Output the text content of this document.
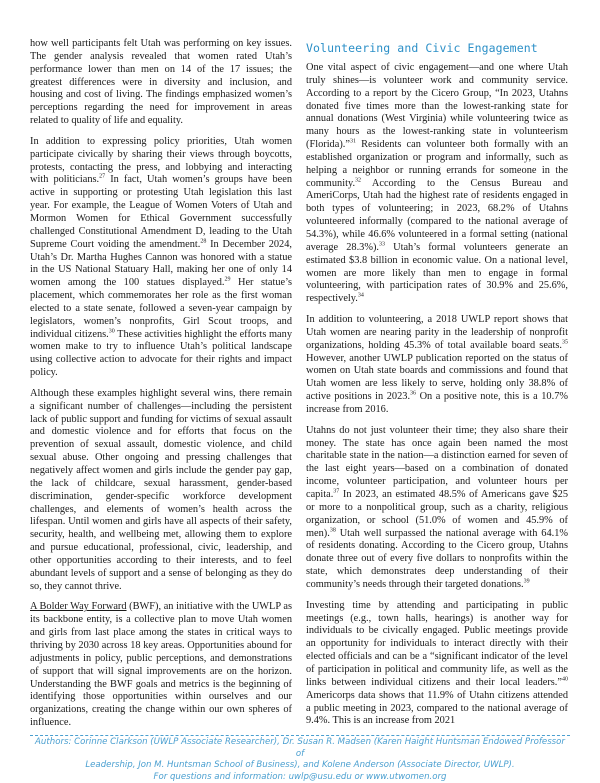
how well participants felt Utah was performing on key issues. The gender analysis revealed that women rated Utah’s performance lower than men on 14 of the 17 issues; the greatest differences were in diversity and inclusion, and housing and cost of living. The findings emphasized women’s perceptions regarding the need for improvement in areas related to quality of life and equality.

In addition to expressing policy priorities, Utah women participate civically by sharing their views through boycotts, protests, contacting the press, and lobbying and interacting with politicians.$^{27}$ In fact, Utah women’s groups have been active in supporting or protesting Utah legislation this last year. For example, the League of Women Voters of Utah and Mormon Women for Ethical Government successfully challenged Constitutional Amendment D, leading to the Utah Supreme Court voiding the amendment.$^{28}$ In December 2024, Utah’s Dr. Martha Hughes Cannon was honored with a statue in the US National Statuary Hall, making her one of only 14 women among the 100 statues displayed.$^{29}$ Her statue’s placement, which commemorates her role as the first woman elected to a state senate, followed a seven-year campaign by legislators, women’s nonprofits, Girl Scout troops, and individual citizens.$^{30}$ These activities highlight the efforts many women make to try to influence Utah’s political landscape using collective action to advocate for their rights and impact policy.

Although these examples highlight several wins, there remain a significant number of challenges—including the persistent lack of public support and funding for victims of sexual assault and domestic violence and for efforts that focus on the prevention of sexual assault, domestic violence, and child sexual abuse. Other ongoing and pressing challenges that negatively affect women and girls include the gender pay gap, the lack of childcare, sexual harassment, gender-based discrimination, gender-specific workforce development challenges, and elements of women’s health across the lifespan. Until women and girls have all aspects of their safety, security, health, and wellbeing met, allowing them to explore and pursue educational, professional, civic, leadership, and other opportunities according to their interests, and to feel abundant levels of support and a sense of belonging as they do so, they cannot thrive.

A Bolder Way Forward (BWF), an initiative with the UWLP as its backbone entity, is a collective plan to move Utah women and girls from last place among the states in critical ways to thriving by 2030 across 18 key areas. Opportunities abound for adjustments in policy, public perceptions, and demonstrations of support that will signal improvements are on the horizon. Understanding the BWF goals and metrics is the beginning of identifying those opportunities within ourselves and our organizations, creating the change within our own spheres of influence.

Volunteering and Civic Engagement

One vital aspect of civic engagement—and one where Utah truly shines—is volunteer work and community service. According to a report by the Cicero Group, “In 2023, Utahns donated five times more than the lowest-ranking state for annual donations (West Virginia) while volunteering twice as many hours as the lowest-ranking state in volunteerism (Florida).”$^{31}$ Residents can volunteer both formally with an established organization or program and informally, such as helping a neighbor or running errands for someone in the community.$^{32}$ According to the Census Bureau and AmeriCorps, Utah had the highest rate of residents engaged in both types of volunteering; in 2023, 68.2% of Utahns volunteered informally (compared to the national average of 54.3%), while 46.6% volunteered in a formal setting (national average 28.3%).$^{33}$ Utah’s formal volunteers generate an estimated $3.8 billion in economic value. On a national level, women are more likely than men to engage in formal volunteering, with participation rates of 30.9% and 25.6%, respectively.$^{34}$

In addition to volunteering, a 2018 UWLP report shows that Utah women are nearing parity in the leadership of nonprofit organizations, holding 45.3% of total available board seats.$^{35}$ However, another UWLP publication reported on the status of women on Utah state boards and commissions and found that Utah women are less likely to serve, holding only 38.8% of active positions in 2023.36 On a positive note, this is a 10.7% increase from 2016.

Utahns do not just volunteer their time; they also share their money. The state has once again been named the most charitable state in the nation—a distinction earned for seven of the last eight years—based on a combination of donated income, volunteer participation, and volunteer hours per capita.$^{37}$ In 2023, an estimated 48.5% of Americans gave $25 or more to a nonpolitical group, such as a charity, religious organization, or school (51.0% of women and 45.9% of men).$^{38}$ Utah well surpassed the national average with 64.1% of residents donating. According to the Cicero group, Utahns donate three out of every five dollars to nonprofits within the state, which demonstrates deep understanding of their community’s needs through their targeted donations.$^{39}$

Investing time by attending and participating in public meetings (e.g., town halls, hearings) is another way for individuals to be civically engaged. Public meetings provide an opportunity for individuals to interact directly with their elected officials and can be a “significant indicator of the level of participation in political and community life, as well as the links between individual citizens and their local leaders.”$^{40}$ Americorps data shows that 11.9% of Utahn citizens attended a public meeting in 2023, compared to the national average of 9.4%. This is an increase from 2021

Authors: Corinne Clarkson (UWLP Associate Researcher), Dr. Susan R. Madsen (Karen Haight Huntsman Endowed Professor of
Leadership, Jon M. Huntsman School of Business), and Kolene Anderson (Associate Director, UWLP).
For questions and information: uwlp@usu.edu or www.utwomen.org
